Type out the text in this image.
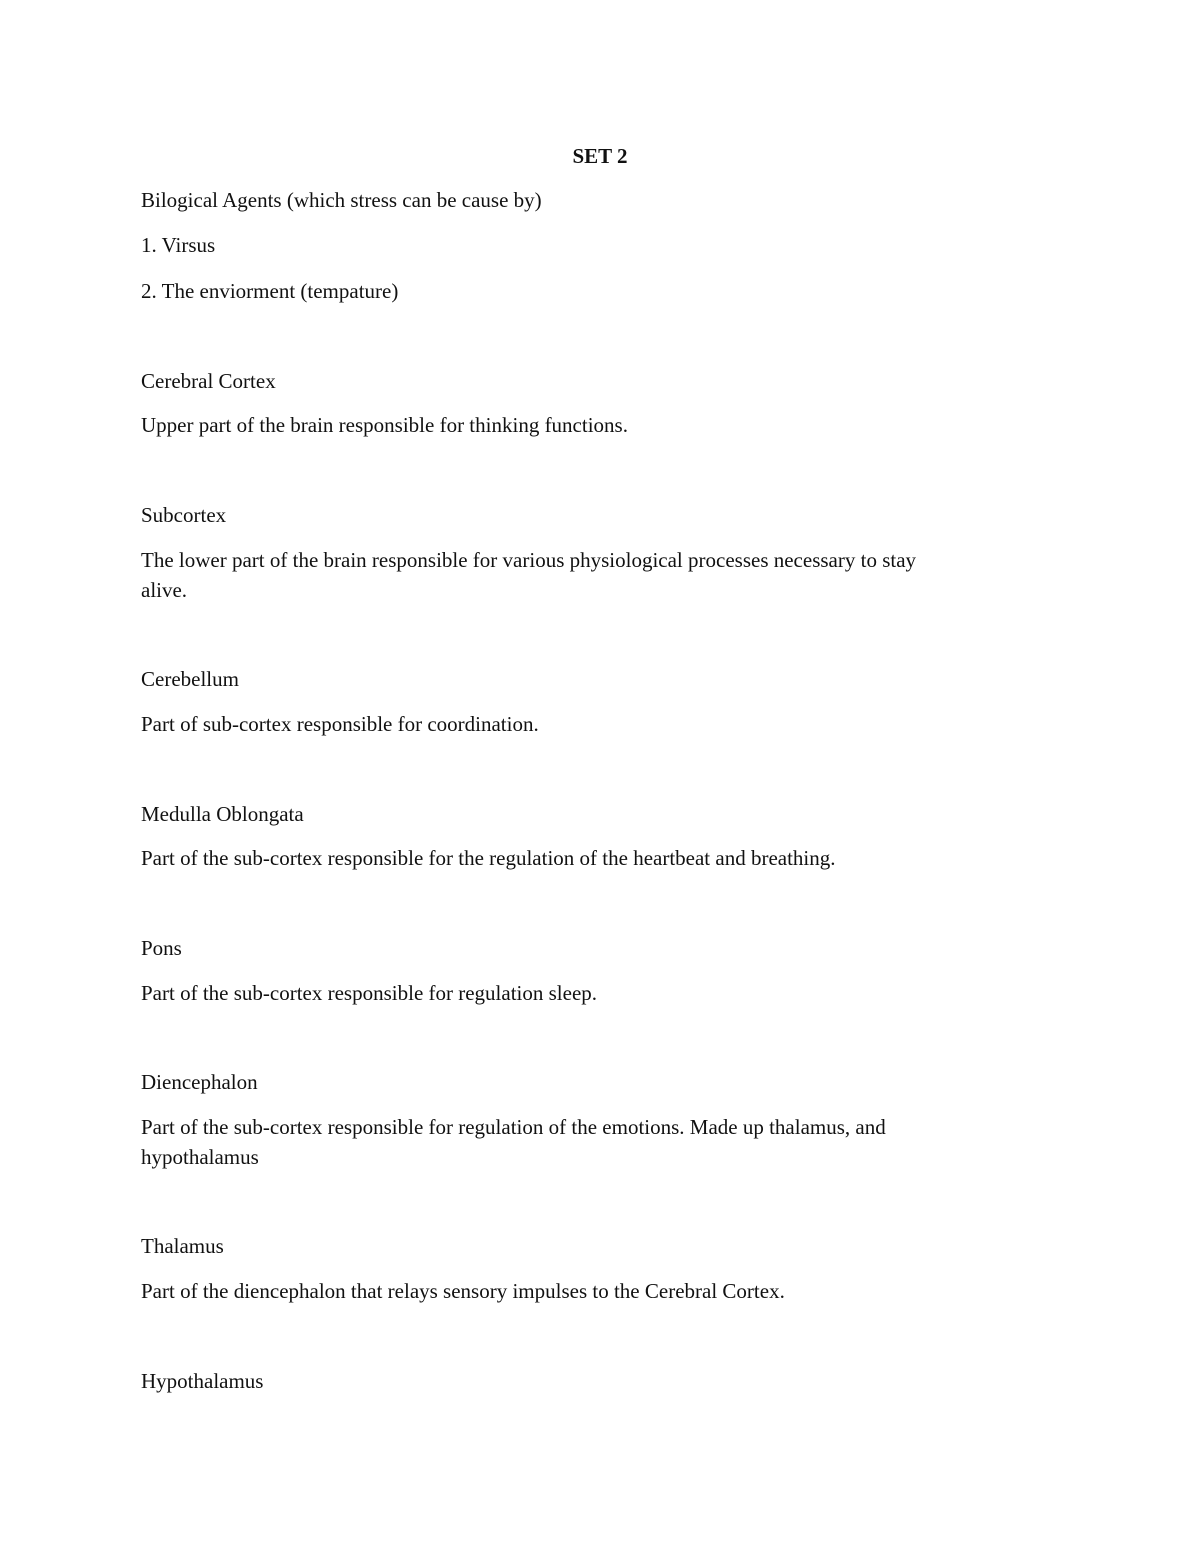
SET 2

Bilogical Agents (which stress can be cause by)

1. Virsus

2. The enviorment (tempature)

Cerebral Cortex

Upper part of the brain responsible for thinking functions.

Subcortex

The lower part of the brain responsible for various physiological processes necessary to stay

alive.

Cerebellum

Part of sub-cortex responsible for coordination.

Medulla Oblongata

Part of the sub-cortex responsible for the regulation of the heartbeat and breathing.

Pons

Part of the sub-cortex responsible for regulation sleep.

Diencephalon

Part of the sub-cortex responsible for regulation of the emotions. Made up thalamus, and

hypothalamus

Thalamus

Part of the diencephalon that relays sensory impulses to the Cerebral Cortex.

Hypothalamus
